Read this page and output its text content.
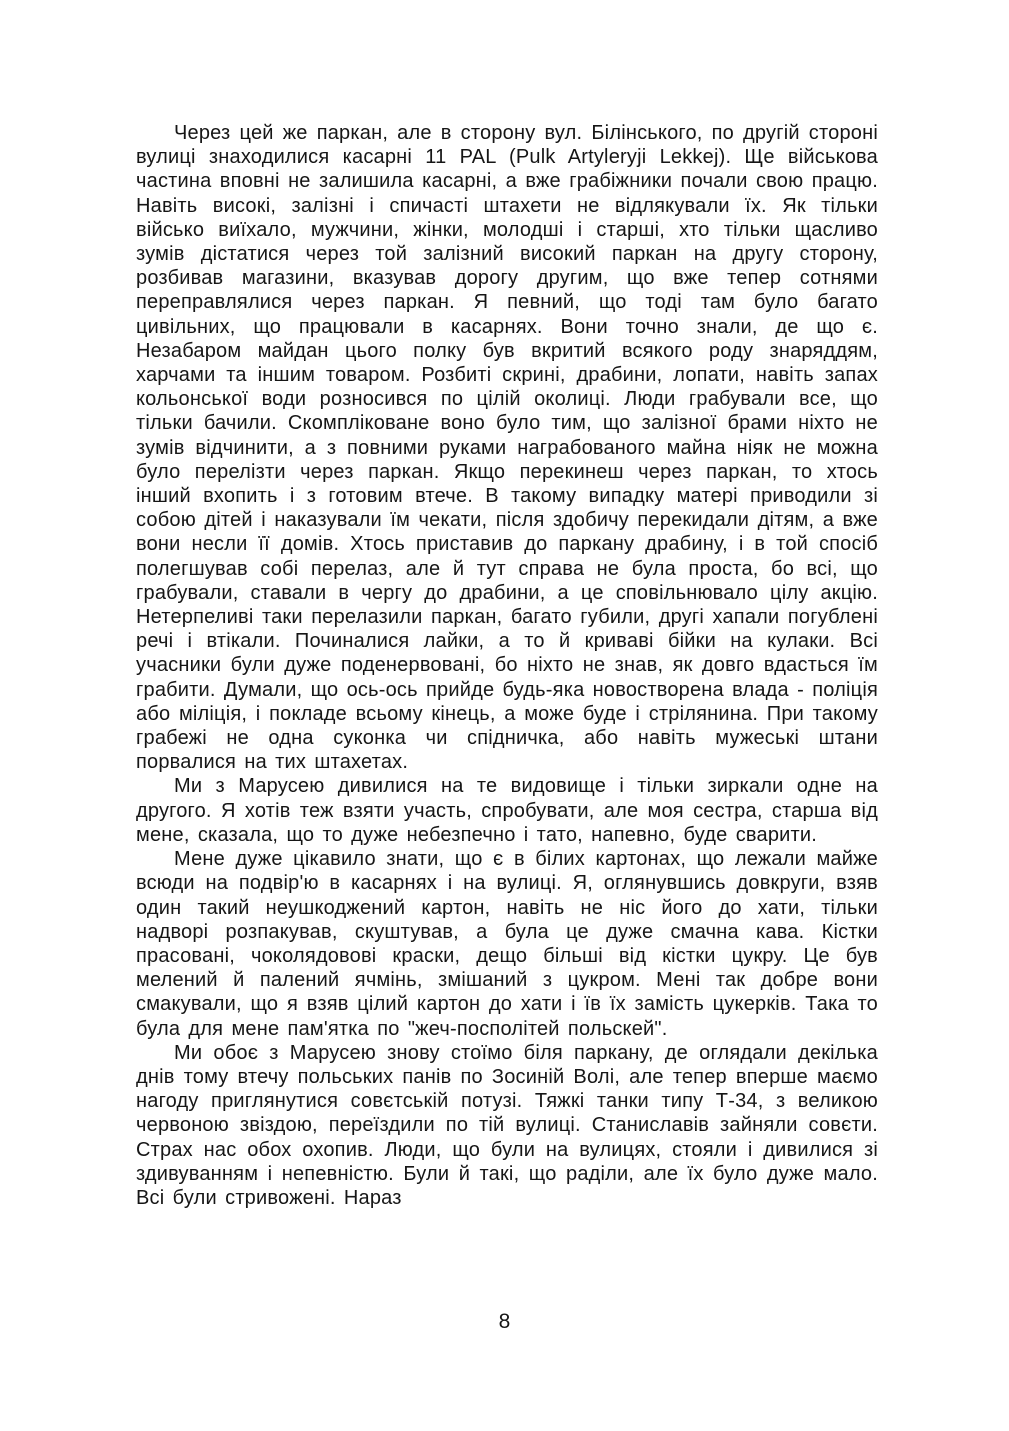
Через цей же паркан, але в сторону вул. Білінського, по другій стороні вулиці знаходилися касарні 11 PAL (Pulk Artyleryji Lekkej). Ще військова частина вповні не залишила касарні, а вже грабіжники почали свою працю. Навіть високі, залізні і спичасті штахети не відлякували їх. Як тільки військо виїхало, мужчини, жінки, молодші і старші, хто тільки щасливо зумів дістатися через той залізний високий паркан на другу сторону, розбивав магазини, вказував дорогу другим, що вже тепер сотнями переправлялися через паркан. Я певний, що тоді там було багато цивільних, що працювали в касарнях. Вони точно знали, де що є. Незабаром майдан цього полку був вкритий всякого роду знаряддям, харчами та іншим товаром. Розбиті скрині, драбини, лопати, навіть запах кольонської води розносився по цілій околиці. Люди грабували все, що тільки бачили. Скомпліковане воно було тим, що залізної брами ніхто не зумів відчинити, а з повними руками награбованого майна ніяк не можна було перелізти через паркан. Якщо перекинеш через паркан, то хтось інший вхопить і з готовим втече. В такому випадку матері приводили зі собою дітей і наказували їм чекати, після здобичу перекидали дітям, а вже вони несли її домів. Хтось приставив до паркану драбину, і в той спосіб полегшував собі перелаз, але й тут справа не була проста, бо всі, що грабували, ставали в чергу до драбини, а це сповільнювало цілу акцію. Нетерпеливі таки перелазили паркан, багато губили, другі хапали погублені речі і втікали. Починалися лайки, а то й криваві бійки на кулаки. Всі учасники були дуже поденервовані, бо ніхто не знав, як довго вдасться їм грабити. Думали, що ось-ось прийде будь-яка новостворена влада - поліція або міліція, і покладе всьому кінець, а може буде і стрілянина. При такому грабежі не одна суконка чи спідничка, або навіть мужеські штани порвалися на тих штахетах.

Ми з Марусею дивилися на те видовище і тільки зиркали одне на другого. Я хотів теж взяти участь, спробувати, але моя сестра, старша від мене, сказала, що то дуже небезпечно і тато, напевно, буде сварити.

Мене дуже цікавило знати, що є в білих картонах, що лежали майже всюди на подвір'ю в касарнях і на вулиці. Я, оглянувшись довкруги, взяв один такий неушкоджений картон, навіть не ніс його до хати, тільки надворі розпакував, скуштував, а була це дуже смачна кава. Кістки прасовані, чоколядовові краски, дещо більші від кістки цукру. Це був мелений й палений ячмінь, змішаний з цукром. Мені так добре вони смакували, що я взяв цілий картон до хати і їв їх замість цукерків. Така то була для мене пам'ятка по "жеч-посполітей польскей".

Ми обоє з Марусею знову стоїмо біля паркану, де оглядали декілька днів тому втечу польських панів по Зосиній Волі, але тепер вперше маємо нагоду приглянутися совєтській потузі. Тяжкі танки типу Т-34, з великою червоною звіздою, переїздили по тій вулиці. Станиславів зайняли совєти. Страх нас обох охопив. Люди, що були на вулицях, стояли і дивилися зі здивуванням і непевністю. Були й такі, що раділи, але їх було дуже мало. Всі були стривожені. Нараз

8
